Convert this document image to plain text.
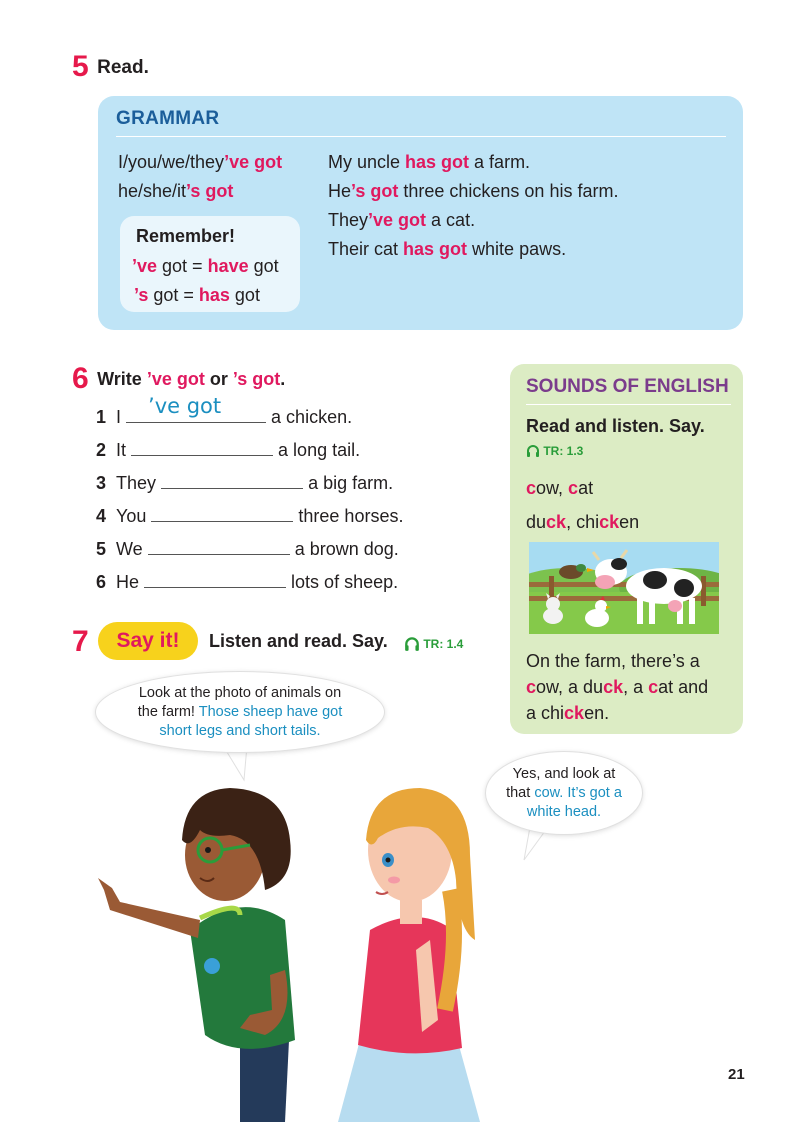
5 Read.
GRAMMAR
I/you/we/they’ve got
he/she/it’s got
Remember!
’ve got = have got
’s got = has got
My uncle has got a farm.
He’s got three chickens on his farm.
They’ve got a cat.
Their cat has got white paws.
6 Write ’ve got or ’s got.
1 I ’ve got	a chicken.
2 It	a long tail.
3 They	a big farm.
4 You	three horses.
5 We	a brown dog.
6 He	lots of sheep.
SOUNDS OF ENGLISH
Read and listen. Say.
TR: 1.3
cow, cat
duck, chicken
On the farm, there’s a
cow, a duck, a cat and
a chicken.
7	Say it!	Listen and read. Say.	TR: 1.4
Look at the photo of animals on
the farm! Those sheep have got
short legs and short tails.
Yes, and look at
that cow. It’s got a
white head.
21
